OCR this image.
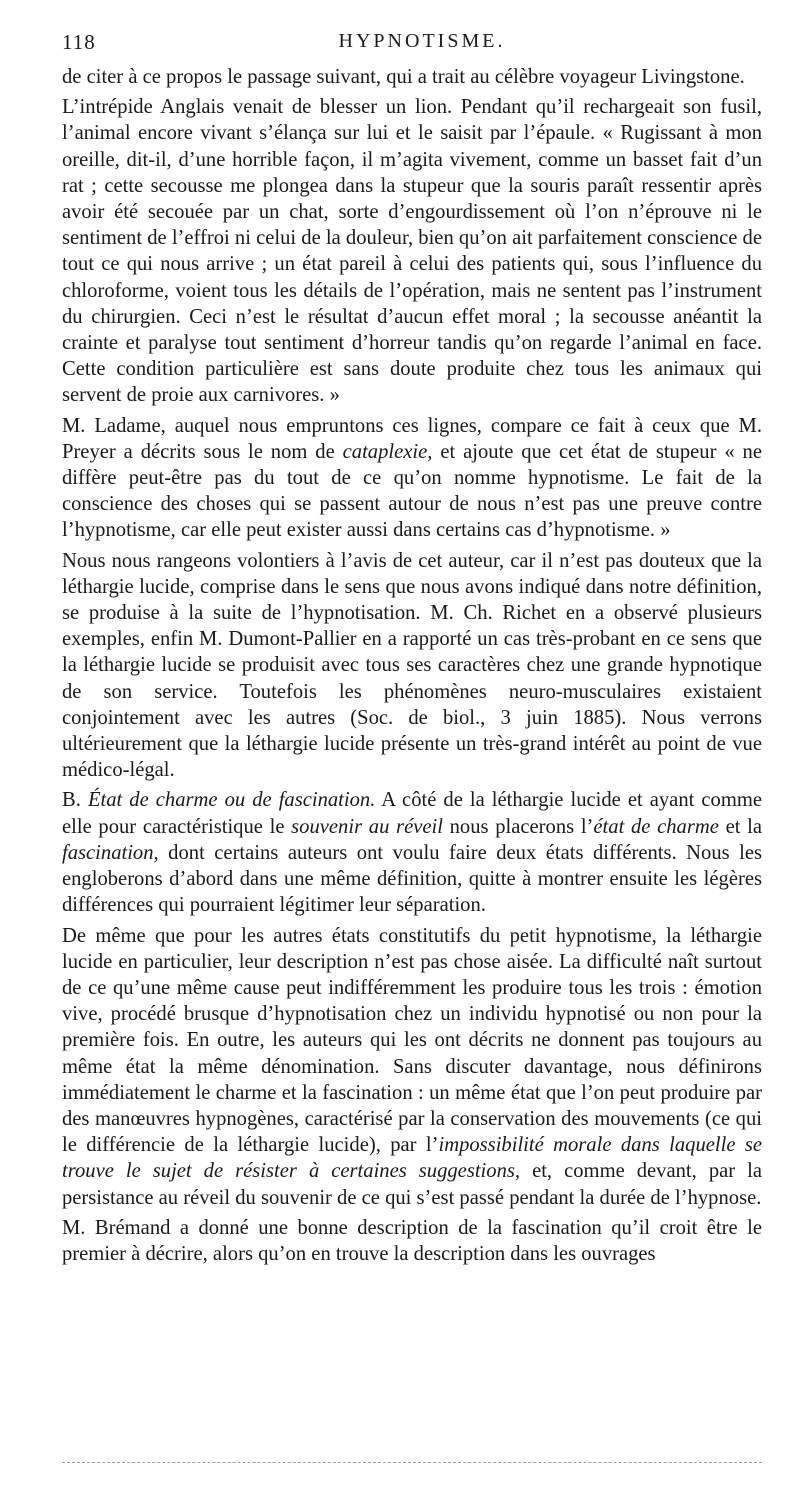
118	HYPNOTISME.

de citer à ce propos le passage suivant, qui a trait au célèbre voyageur Livingstone.

L’intrépide Anglais venait de blesser un lion. Pendant qu’il rechargeait son fusil, l’animal encore vivant s’élança sur lui et le saisit par l’épaule. « Rugissant à mon oreille, dit-il, d’une horrible façon, il m’agita vivement, comme un basset fait d’un rat ; cette secousse me plongea dans la stupeur que la souris paraît ressentir après avoir été secouée par un chat, sorte d’engourdissement où l’on n’éprouve ni le sentiment de l’effroi ni celui de la douleur, bien qu’on ait parfaitement conscience de tout ce qui nous arrive ; un état pareil à celui des patients qui, sous l’influence du chloroforme, voient tous les détails de l’opération, mais ne sentent pas l’instrument du chirurgien. Ceci n’est le résultat d’aucun effet moral ; la secousse anéantit la crainte et paralyse tout sentiment d’horreur tandis qu’on regarde l’animal en face. Cette condition particulière est sans doute produite chez tous les animaux qui servent de proie aux carnivores. »

M. Ladame, auquel nous empruntons ces lignes, compare ce fait à ceux que M. Preyer a décrits sous le nom de cataplexie, et ajoute que cet état de stupeur « ne diffère peut-être pas du tout de ce qu’on nomme hypnotisme. Le fait de la conscience des choses qui se passent autour de nous n’est pas une preuve contre l’hypnotisme, car elle peut exister aussi dans certains cas d’hypnotisme. »

Nous nous rangeons volontiers à l’avis de cet auteur, car il n’est pas douteux que la léthargie lucide, comprise dans le sens que nous avons indiqué dans notre définition, se produise à la suite de l’hypnotisation. M. Ch. Richet en a observé plusieurs exemples, enfin M. Dumont-Pallier en a rapporté un cas très-probant en ce sens que la léthargie lucide se produisit avec tous ses caractères chez une grande hypnotique de son service. Toutefois les phénomènes neuro-musculaires existaient conjointement avec les autres (Soc. de biol., 3 juin 1885). Nous verrons ultérieurement que la léthargie lucide présente un très-grand intérêt au point de vue médico-légal.

B. État de charme ou de fascination. A côté de la léthargie lucide et ayant comme elle pour caractéristique le souvenir au réveil nous placerons l’état de charme et la fascination, dont certains auteurs ont voulu faire deux états différents. Nous les engloberons d’abord dans une même définition, quitte à montrer ensuite les légères différences qui pourraient légitimer leur séparation.

De même que pour les autres états constitutifs du petit hypnotisme, la léthargie lucide en particulier, leur description n’est pas chose aisée. La difficulté naît surtout de ce qu’une même cause peut indifféremment les produire tous les trois : émotion vive, procédé brusque d’hypnotisation chez un individu hypnotisé ou non pour la première fois. En outre, les auteurs qui les ont décrits ne donnent pas toujours au même état la même dénomination. Sans discuter davantage, nous définirons immédiatement le charme et la fascination : un même état que l’on peut produire par des manœuvres hypnogènes, caractérisé par la conservation des mouvements (ce qui le différencie de la léthargie lucide), par l’impossibilité morale dans laquelle se trouve le sujet de résister à certaines suggestions, et, comme devant, par la persistance au réveil du souvenir de ce qui s’est passé pendant la durée de l’hypnose.

M. Brémand a donné une bonne description de la fascination qu’il croit être le premier à décrire, alors qu’on en trouve la description dans les ouvrages
